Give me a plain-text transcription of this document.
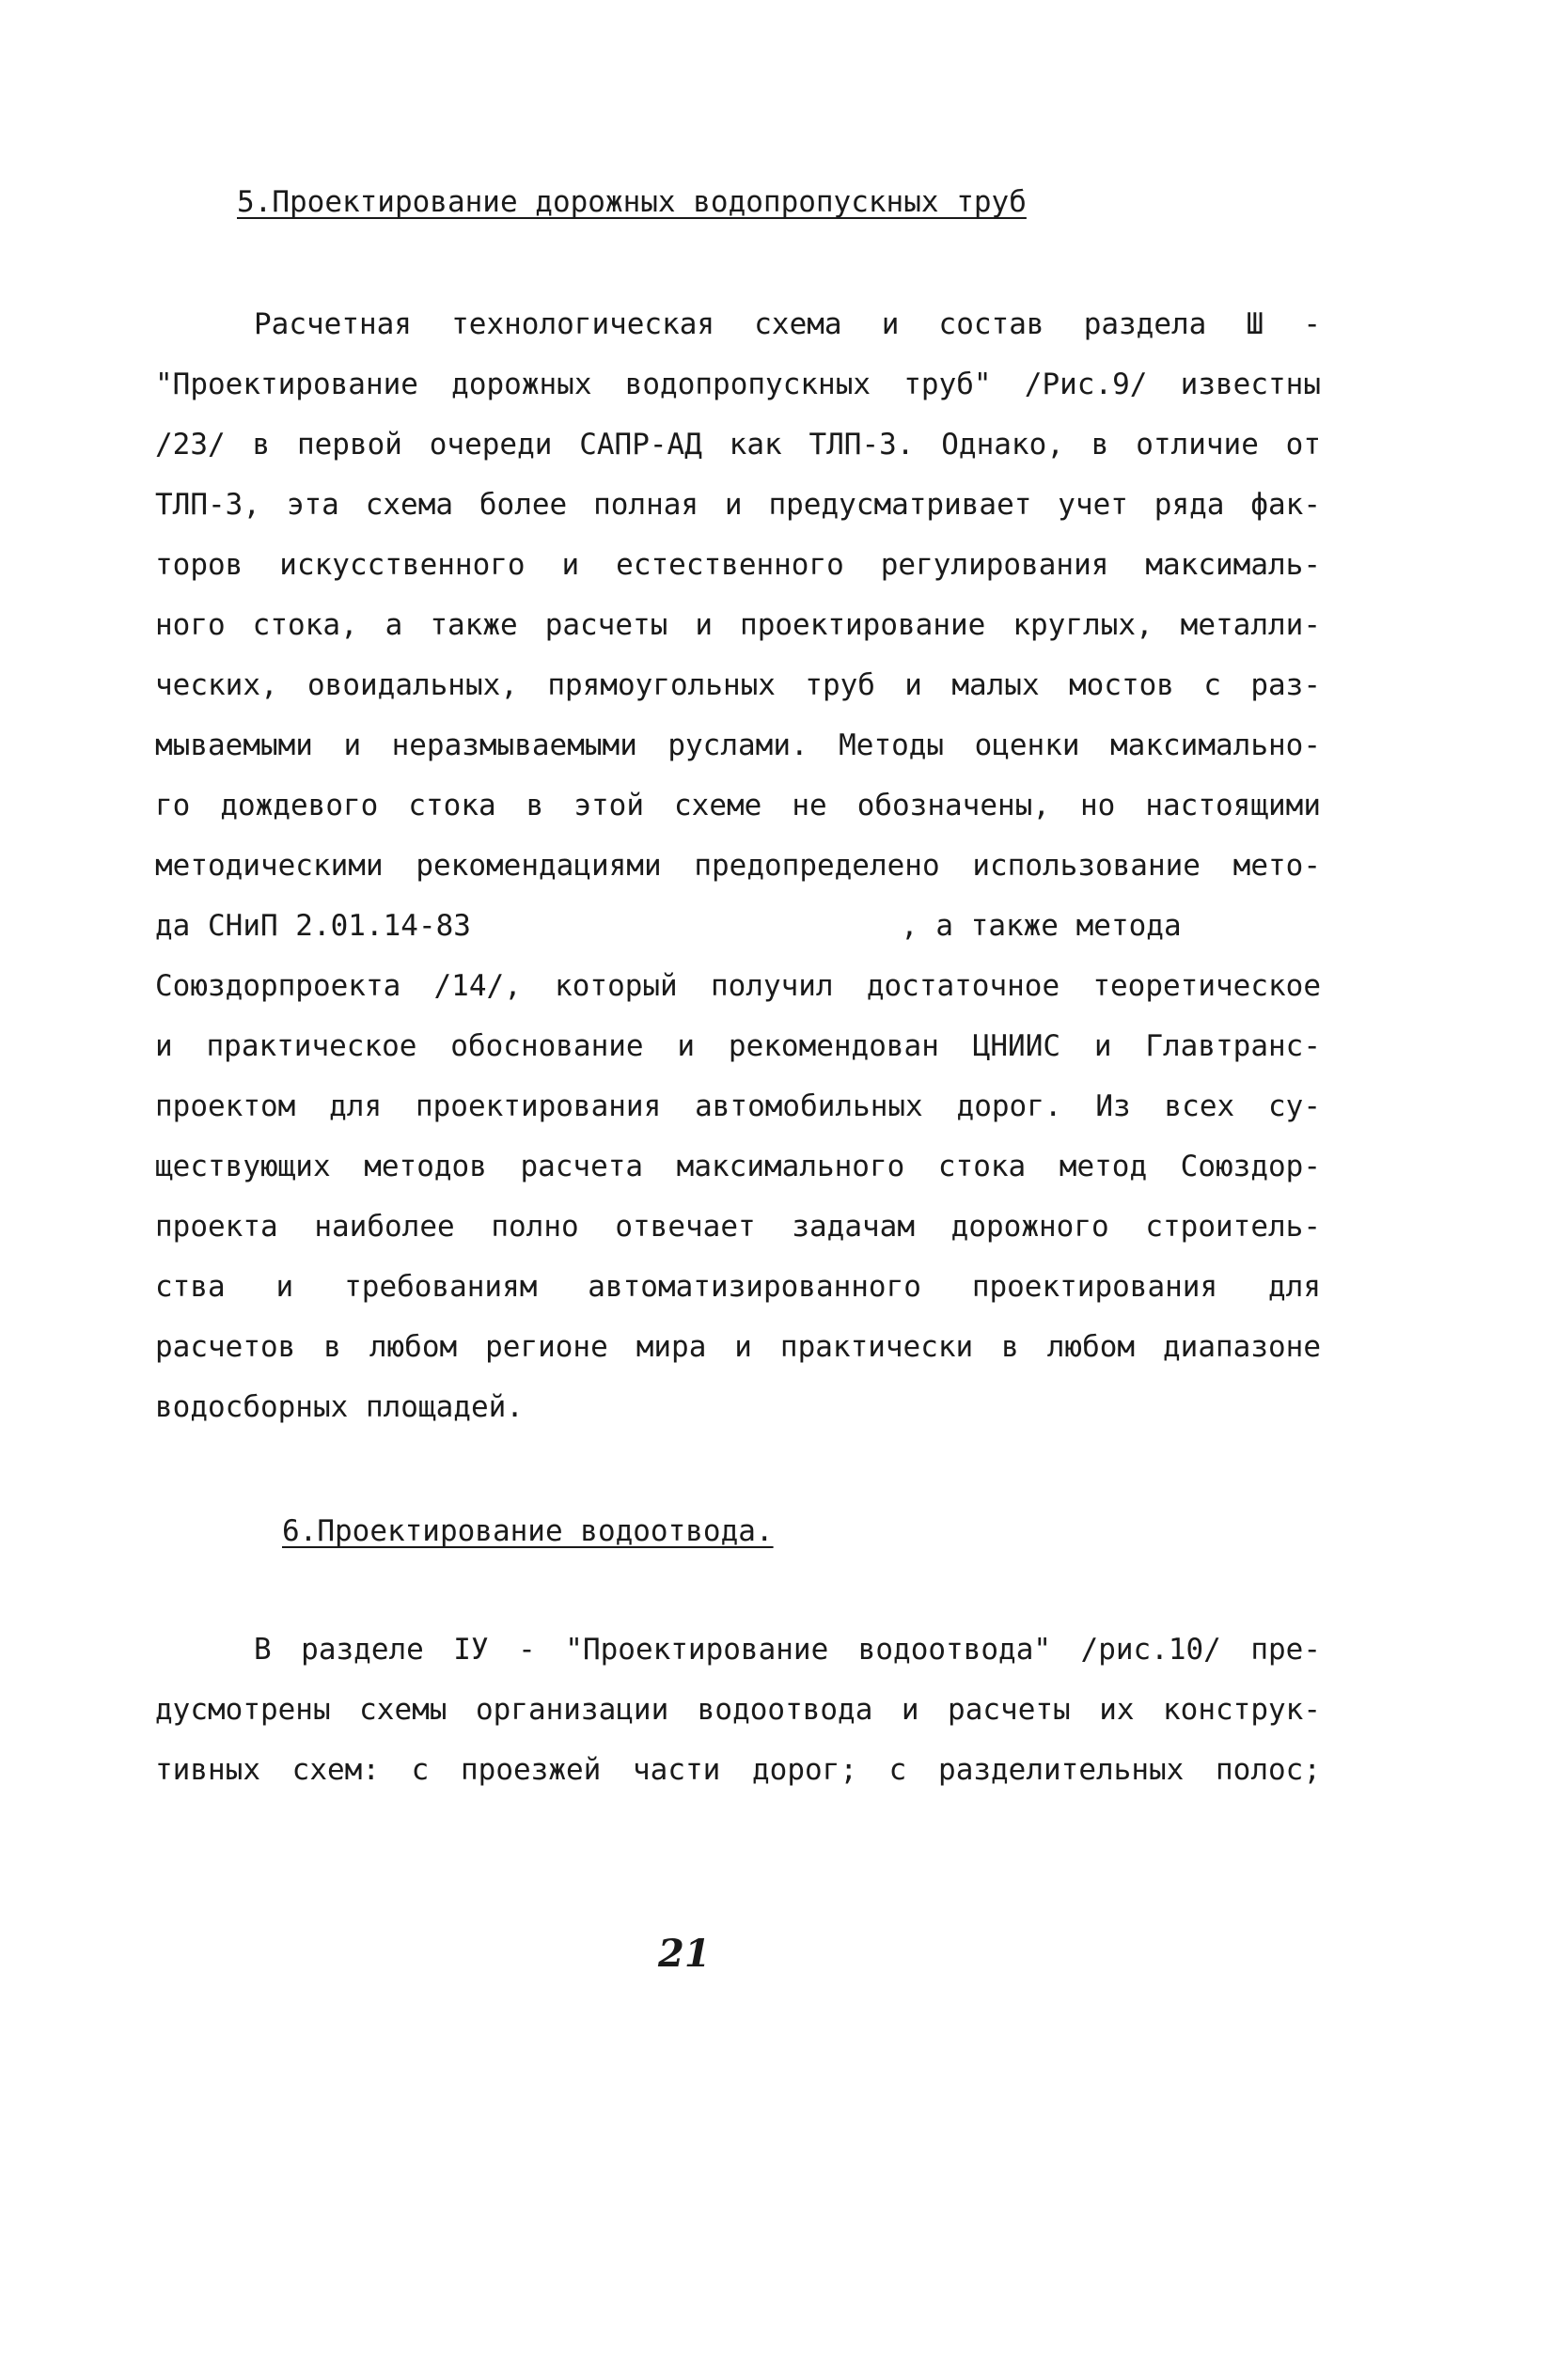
5.Проектирование дорожных водопропускных труб
Расчетная технологическая схема и состав раздела Ш -
"Проектирование дорожных водопропускных труб" /Рис.9/ известны
/23/ в первой очереди САПР-АД как ТЛП-3. Однако, в отличие от
ТЛП-3, эта схема более полная и предусматривает учет ряда фак-
торов искусственного и естественного регулирования максималь-
ного стока, а также расчеты и проектирование круглых, металли-
ческих, овоидальных, прямоугольных труб и малых мостов с раз-
мываемыми и неразмываемыми руслами. Методы оценки максимально-
го дождевого стока в этой схеме не обозначены, но настоящими
методическими рекомендациями предопределено использование мето-
да СНиП 2.01.14-83	, а также метода
Союздорпроекта /14/, который получил достаточное теоретическое
и практическое обоснование и рекомендован ЦНИИС и Главтранс-
проектом для проектирования автомобильных дорог. Из всех су-
ществующих методов расчета максимального стока метод Союздор-
проекта наиболее полно отвечает задачам дорожного строитель-
ства и требованиям автоматизированного проектирования для
расчетов в любом регионе мира и практически в любом диапазоне
водосборных площадей.
6.Проектирование водоотвода.
В разделе IУ - "Проектирование водоотвода" /рис.10/ пре-
дусмотрены схемы организации водоотвода и расчеты их конструк-
тивных схем: с проезжей части дорог; с разделительных полос;
21
